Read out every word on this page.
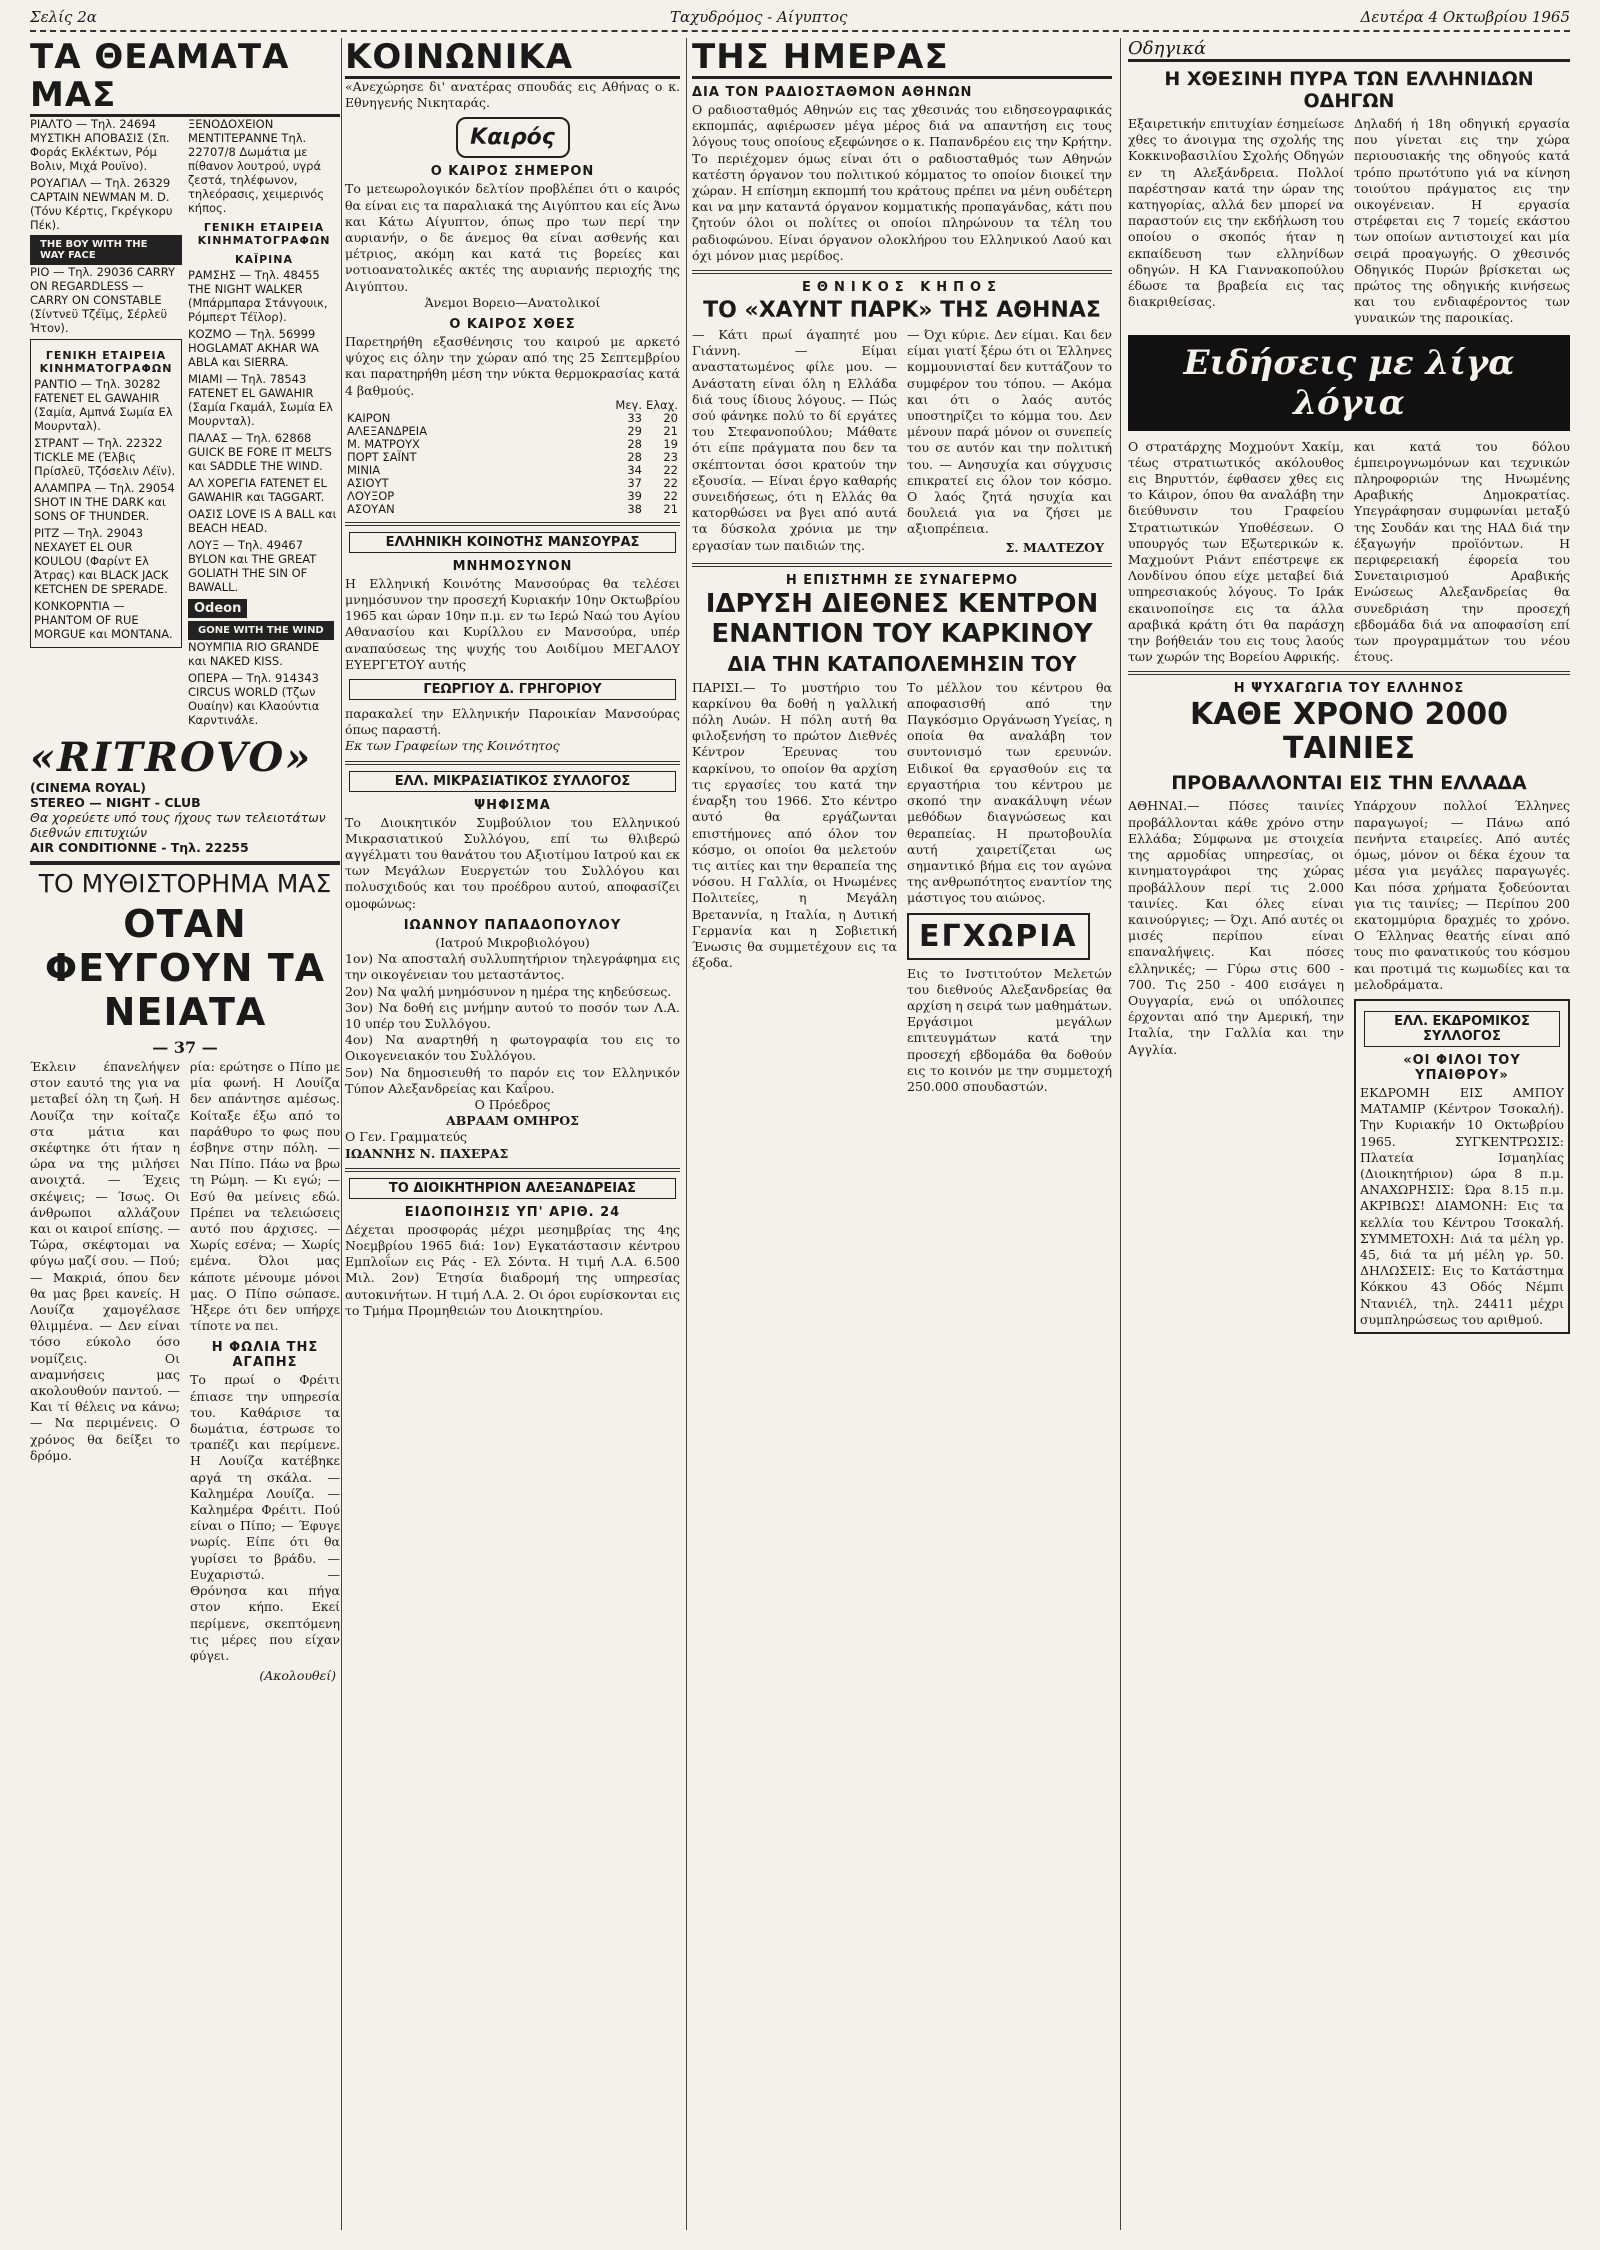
Σελίς 2α	Ταχυδρόμος - Αίγυπτος	Δευτέρα 4 Οκτωβρίου 1965
ΤΑ ΘΕΑΜΑΤΑ ΜΑΣ

ΡΙΑΛΤΟ — Τηλ. 24694 ΜΥΣΤΙΚΗ ΑΠΟΒΑΣΙΣ (Σπ. Φοράς Εκλέκτων, Ρόμ Βολιν, Μιχά Ρουϊνο).

ΡΟΥΑΓΙΑΛ — Τηλ. 26329 CAPTAIN NEWMAN M. D. (Τόνυ Κέρτις, Γκρέγκορυ Πέκ).

THE BOY WITH THE WAY FACE

ΡΙΟ — Τηλ. 29036 CARRY ON REGARDLESS — CARRY ON CONSTABLE (Σίντνεϋ Τζέϊμς, Σέρλεϋ Ήτον).

ΓΕΝΙΚΗ ΕΤΑΙΡΕΙΑ ΚΙΝΗΜΑΤΟΓΡΑΦΩΝ

ΡΑΝΤΙΟ — Τηλ. 30282 FATENET EL GAWAHIR (Σαμία, Αμπνά Σωμία Ελ Μουρνταλ).

ΣΤΡΑΝΤ — Τηλ. 22322 TICKLE ME (Έλβις Πρίσλεϋ, Τζόσελιν Λέϊν).

ΑΛΑΜΠΡΑ — Τηλ. 29054 SHOT IN THE DARK και SONS OF THUNDER.

ΡΙΤΖ — Τηλ. 29043 NEXAYET EL OUR KOULOU (Φαρίντ Ελ Άτρας) και BLACK JACK KETCHEN DE SPERADE.

ΚΟΝΚΟΡΝΤΙΑ — PHANTOM OF RUE MORGUE και MONTANA.

ΞΕΝΟΔΟΧΕΙΟΝ ΜΕΝΤΙΤΕΡΑΝΝΕ Τηλ. 22707/8 Δωμάτια με πίθανον λουτρού, υγρά ζεστά, τηλέφωνον, τηλεόρασις, χειμερινός κήπος.

ΓΕΝΙΚΗ ΕΤΑΙΡΕΙΑ ΚΙΝΗΜΑΤΟΓΡΑΦΩΝ
ΚΑΪΡΙΝΑ

ΡΑΜΣΗΣ — Τηλ. 48455 THE NIGHT WALKER (Μπάρμπαρα Στάνγουικ, Ρόμπερτ Τέϊλορ).

ΚΟΖΜΟ — Τηλ. 56999 HOGLAMAT AKHAR WA ABLA και SIERRA.

ΜΙΑΜΙ — Τηλ. 78543 FATENET EL GAWAHIR (Σαμία Γκαμάλ, Σωμία Ελ Μουρνταλ).

ΠΑΛΑΣ — Τηλ. 62868 GUICK BE FORE IT MELTS και SADDLE THE WIND.

ΑΛ ΧΟΡΕΓΙΑ FATENET EL GAWAHIR και TAGGART.

ΟΑΣΙΣ LOVE IS A BALL και BEACH HEAD.

ΛΟΥΞ — Τηλ. 49467 BYLON και THE GREAT GOLIATH THE SIN OF BAWALL.

Odeon GONE WITH THE WIND

ΝΟΥΜΠΙΑ RIO GRANDE και NAKED KISS.

ΟΠΕΡΑ — Τηλ. 914343 CIRCUS WORLD (Τζων Ουαίην) και Κλαούντια Καρντινάλε.

«RITROVO»
(CINEMA ROYAL)
STEREO — NIGHT - CLUB
Θα χορεύετε υπό τους ήχους των τελειοτάτων διεθνών επιτυχιών
AIR CONDITIONNE - Τηλ. 22255
ΤΟ ΜΥΘΙΣΤΟΡΗΜΑ ΜΑΣ
ΟΤΑΝ ΦΕΥΓΟΥΝ ΤΑ ΝΕΙΑΤΑ
— 37 —

Έκλειν έπανελήψεν στον εαυτό της για να μεταβεί όλη τη ζωή. Η Λουίζα την κοίταζε στα μάτια και σκέφτηκε ότι ήταν η ώρα να της μιλήσει ανοιχτά. — Έχεις σκέψεις; — Ίσως. Οι άνθρωποι αλλάζουν και οι καιροί επίσης. — Τώρα, σκέφτομαι να φύγω μαζί σου. — Πού; — Μακριά, όπου δεν θα μας βρει κανείς. Η Λουίζα χαμογέλασε θλιμμένα. — Δεν είναι τόσο εύκολο όσο νομίζεις. Οι αναμνήσεις μας ακολουθούν παντού. — Και τί θέλεις να κάνω; — Να περιμένεις. Ο χρόνος θα δείξει το δρόμο.

ρία: ερώτησε ο Πίπο με μία φωνή. Η Λουίζα δεν απάντησε αμέσως. Κοίταξε έξω από το παράθυρο το φως που έσβηνε στην πόλη. — Ναι Πίπο. Πάω να βρω τη Ρώμη. — Κι εγώ; — Εσύ θα μείνεις εδώ. Πρέπει να τελειώσεις αυτό που άρχισες. — Χωρίς εσένα; — Χωρίς εμένα. Όλοι μας κάποτε μένουμε μόνοι μας. Ο Πίπο σώπασε. Ήξερε ότι δεν υπήρχε τίποτε να πει.

Η ΦΩΛΙΑ ΤΗΣ ΑΓΑΠΗΣ

Το πρωί ο Φρέιτι έπιασε την υπηρεσία του. Καθάρισε τα δωμάτια, έστρωσε το τραπέζι και περίμενε. Η Λουίζα κατέβηκε αργά τη σκάλα. — Καλημέρα Λουίζα. — Καλημέρα Φρέιτι. Πού είναι ο Πίπο; — Έφυγε νωρίς. Είπε ότι θα γυρίσει το βράδυ. — Ευχαριστώ. — Θρόνησα και πήγα στον κήπο. Εκεί περίμενε, σκεπτόμενη τις μέρες που είχαν φύγει.

(Ακολουθεί)
ΚΟΙΝΩΝΙΚΑ

«Ανεχώρησε δι' ανατέρας σπουδάς εις Αθήνας ο κ. Εθνηγενής Νικηταράς.

Καιρός
Ο ΚΑΙΡΟΣ ΣΗΜΕΡΟΝ

Το μετεωρολογικόν δελτίον προβλέπει ότι ο καιρός θα είναι εις τα παραλιακά της Αιγύπτου και είς Άνω και Κάτω Αίγυπτον, όπως προ των περί την αυριανήν, ο δε άνεμος θα είναι ασθενής και μέτριος, ακόμη και κατά τις βορείες και νοτιοανατολικές ακτές της αυριανής περιοχής της Αιγύπτου.

Άνεμοι Βορειο—Ανατολικοί

Ο ΚΑΙΡΟΣ ΧΘΕΣ

Παρετηρήθη εξασθένησις του καιρού με αρκετό ψύχος εις όλην την χώραν από της 25 Σεπτεμβρίου και παρατηρήθη μέση την νύκτα θερμοκρασίας κατά 4 βαθμούς.

	Μεγ.	Ελαχ.
ΚΑΙΡΟΝ	33	20
ΑΛΕΞΑΝΔΡΕΙΑ	29	21
Μ. ΜΑΤΡΟΥΧ	28	19
ΠΟΡΤ ΣΑΪΝΤ	28	23
ΜΙΝΙΑ	34	22
ΑΣΙΟΥΤ	37	22
ΛΟΥΞΟΡ	39	22
ΑΣΟΥΑΝ	38	21
ΕΛΛΗΝΙΚΗ ΚΟΙΝΟΤΗΣ ΜΑΝΣΟΥΡΑΣ
ΜΝΗΜΟΣΥΝΟΝ

Η Ελληνική Κοινότης Μανσούρας θα τελέσει μνημόσυνον την προσεχή Κυριακήν 10ην Οκτωβρίου 1965 και ώραν 10ην π.μ. εν τω Ιερώ Ναώ του Αγίου Αθανασίου και Κυρίλλου εν Μανσούρα, υπέρ αναπαύσεως της ψυχής του Αοιδίμου ΜΕΓΑΛΟΥ ΕΥΕΡΓΕΤΟΥ αυτής

ΓΕΩΡΓΙΟΥ Δ. ΓΡΗΓΟΡΙΟΥ

παρακαλεί την Ελληνικήν Παροικίαν Μανσούρας όπως παραστή.

Εκ των Γραφείων της Κοινότητος

ΕΛΛ. ΜΙΚΡΑΣΙΑΤΙΚΟΣ ΣΥΛΛΟΓΟΣ
ΨΗΦΙΣΜΑ

Το Διοικητικόν Συμβούλιον του Ελληνικού Μικρασιατικού Συλλόγου, επί τω θλιβερώ αγγέλματι του θανάτου του Αξιοτίμου Ιατρού και εκ των Μεγάλων Ευεργετών του Συλλόγου και πολυσχιδούς και του προέδρου αυτού, αποφασίζει ομοφώνως:

ΙΩΑΝΝΟΥ ΠΑΠΑΔΟΠΟΥΛΟΥ

(Ιατρού Μικροβιολόγου)

1ον) Να αποσταλή συλλυπητήριον τηλεγράφημα εις την οικογένειαν του μεταστάντος.

2ον) Να ψαλή μνημόσυνον η ημέρα της κηδεύσεως.

3ον) Να δοθή εις μνήμην αυτού το ποσόν των Λ.Α. 10 υπέρ του Συλλόγου.

4ον) Να αναρτηθή η φωτογραφία του εις το Οικογενειακόν του Συλλόγου.

5ον) Να δημοσιευθή το παρόν εις τον Ελληνικόν Τύπον Αλεξανδρείας και Καΐρου.

Ο Πρόεδρος

ΑΒΡΑΑΜ ΟΜΗΡΟΣ

Ο Γεν. Γραμματεύς

ΙΩΑΝΝΗΣ Ν. ΠΑΧΕΡΑΣ

ΤΟ ΔΙΟΙΚΗΤΗΡΙΟΝ ΑΛΕΞΑΝΔΡΕΙΑΣ
ΕΙΔΟΠΟΙΗΣΙΣ ΥΠ' ΑΡΙΘ. 24

Δέχεται προσφοράς μέχρι μεσημβρίας της 4ης Νοεμβρίου 1965 διά: 1ον) Εγκατάστασιν κέντρου Εμπλοΐων εις Ράς - Ελ Σόντα. Η τιμή Λ.Α. 6.500 Μιλ. 2ον) Έτησία διαδρομή της υπηρεσίας αυτοκινήτων. Η τιμή Λ.Α. 2. Οι όροι ευρίσκονται εις το Τμήμα Προμηθειών του Διοικητηρίου.

ΤΗΣ ΗΜΕΡΑΣ
ΔΙΑ ΤΟΝ ΡΑΔΙΟΣΤΑΘΜΟΝ ΑΘΗΝΩΝ

Ο ραδιοσταθμός Αθηνών εις τας χθεσινάς του ειδησεογραφικάς εκπομπάς, αφιέρωσεν μέγα μέρος διά να απαντήση εις τους λόγους τους οποίους εξεφώνησε ο κ. Παπανδρέου εις την Κρήτην. Το περιέχομεν όμως είναι ότι ο ραδιοσταθμός των Αθηνών κατέστη όργανον του πολιτικού κόμματος το οποίον διοικεί την χώραν. Η επίσημη εκπομπή του κράτους πρέπει να μένη ουδέτερη και να μην καταντά όργανον κομματικής προπαγάνδας, κάτι που ζητούν όλοι οι πολίτες οι οποίοι πληρώνουν τα τέλη του ραδιοφώνου. Είναι όργανον ολοκλήρου του Ελληνικού Λαού και όχι μόνον μιας μερίδος.

ΕΘΝΙΚΟΣ ΚΗΠΟΣ
ΤΟ «ΧΑΥΝΤ ΠΑΡΚ» ΤΗΣ ΑΘΗΝΑΣ

— Κάτι πρωί άγαπητέ μου Γιάννη. — Είμαι αναστατωμένος φίλε μου. — Ανάστατη είναι όλη η Ελλάδα διά τους ίδιους λόγους. — Πώς σού φάνηκε πολύ το δί εργάτες του Στεφανοπούλου; Μάθατε ότι είπε πράγματα που δεν τα σκέπτονται όσοι κρατούν την εξουσία. — Είναι έργο καθαρής συνειδήσεως, ότι η Ελλάς θα κατορθώσει να βγει από αυτά τα δύσκολα χρόνια με την εργασίαν των παιδιών της.

— Όχι κύριε. Δεν είμαι. Και δεν είμαι γιατί ξέρω ότι οι Έλληνες κομμουνισταί δεν κυττάζουν το συμφέρον του τόπου. — Ακόμα και ότι ο λαός αυτός υποστηρίζει το κόμμα του. Δεν μένουν παρά μόνον οι συνεπείς του σε αυτόν και την πολιτική του. — Ανησυχία και σύγχυσις επικρατεί εις όλον τον κόσμο. Ο λαός ζητά ησυχία και δουλειά για να ζήσει με αξιοπρέπεια.

Σ. ΜΑΛΤΕΖΟΥ
Η ΕΠΙΣΤΗΜΗ ΣΕ ΣΥΝΑΓΕΡΜΟ
ΙΔΡΥΣΗ ΔΙΕΘΝΕΣ ΚΕΝΤΡΟΝ
ΕΝΑΝΤΙΟΝ ΤΟΥ ΚΑΡΚΙΝΟΥ
ΔΙΑ ΤΗΝ ΚΑΤΑΠΟΛΕΜΗΣΙΝ ΤΟΥ

ΠΑΡΙΣΙ.— Το μυστήριο του καρκίνου θα δοθή η γαλλική πόλη Λυών. Η πόλη αυτή θα φιλοξενήση το πρώτον Διεθνές Κέντρον Έρευνας του καρκίνου, το οποίον θα αρχίση τις εργασίες του κατά την έναρξη του 1966. Στο κέντρο αυτό θα εργάζωνται επιστήμονες από όλον τον κόσμο, οι οποίοι θα μελετούν τις αιτίες και την θεραπεία της νόσου. Η Γαλλία, οι Ηνωμένες Πολιτείες, η Μεγάλη Βρεταννία, η Ιταλία, η Δυτική Γερμανία και η Σοβιετική Ένωσις θα συμμετέχουν εις τα έξοδα.

Το μέλλον του κέντρου θα αποφασισθή από την Παγκόσμιο Οργάνωση Υγείας, η οποία θα αναλάβη τον συντονισμό των ερευνών. Ειδικοί θα εργασθούν εις τα εργαστήρια του κέντρου με σκοπό την ανακάλυψη νέων μεθόδων διαγνώσεως και θεραπείας. Η πρωτοβουλία αυτή χαιρετίζεται ως σημαντικό βήμα εις τον αγώνα της ανθρωπότητος εναντίον της μάστιγος του αιώνος.

ΕΓΧΩΡΙΑ

Εις το Ινστιτούτον Μελετών του διεθνούς Αλεξανδρείας θα αρχίση η σειρά των μαθημάτων. Εργάσιμοι μεγάλων επιτευγμάτων κατά την προσεχή εβδομάδα θα δοθούν εις το κοινόν με την συμμετοχή 250.000 σπουδαστών.

Οδηγικά
Η ΧΘΕΣΙΝΗ ΠΥΡΑ ΤΩΝ ΕΛΛΗΝΙΔΩΝ ΟΔΗΓΩΝ

Εξαιρετικήν επιτυχίαν έσημείωσε χθες το άνοιγμα της σχολής της Κοκκινοβασιλίου Σχολής Οδηγών εν τη Αλεξάνδρεια. Πολλοί παρέστησαν κατά την ώραν της κατηγορίας, αλλά δεν μπορεί να παραστούν εις την εκδήλωση του οποίου ο σκοπός ήταν η εκπαίδευση των ελληνίδων οδηγών. Η ΚΑ Γιαννακοπούλου έδωσε τα βραβεία εις τας διακριθείσας.

Δηλαδή ή 18η οδηγική εργασία που γίνεται εις την χώρα περιουσιακής της οδηγούς κατά τρόπο πρωτότυπο γιά να κίνηση τοιούτου πράγματος εις την οικογένειαν. Η εργασία στρέφεται εις 7 τομείς εκάστου των οποίων αντιστοιχεί και μία σειρά προαγωγής. Ο χθεσινός Οδηγικός Πυρών βρίσκεται ως πρώτος της οδηγικής κινήσεως και του ενδιαφέροντος των γυναικών της παροικίας.

Ειδήσεις με λίγα λόγια

Ο στρατάρχης Μοχμούντ Χακίμ, τέως στρατιωτικός ακόλουθος εις Βηρυττόν, έφθασεν χθες εις το Κάιρον, όπου θα αναλάβη την διεύθυνσιν του Γραφείου Στρατιωτικών Υποθέσεων. Ο υπουργός των Εξωτερικών κ. Μαχμούντ Ριάντ επέστρεψε εκ Λονδίνου όπου είχε μεταβεί διά υπηρεσιακούς λόγους. Το Ιράκ εκαινοποίησε εις τα άλλα αραβικά κράτη ότι θα παράσχη την βοήθειάν του εις τους λαούς των χωρών της Βορείου Αφρικής.

και κατά του δόλου έμπειρογνωμόνων και τεχνικών πληροφοριών της Ηνωμένης Αραβικής Δημοκρατίας. Υπεγράφησαν συμφωνίαι μεταξύ της Σουδάν και της ΗΑΔ διά την έξαγωγήν προϊόντων. Η περιφερειακή έφορεία του Συνεταιρισμού Αραβικής Ενώσεως Αλεξανδρείας θα συνεδριάση την προσεχή εβδομάδα διά να αποφασίση επί των προγραμμάτων του νέου έτους.

Η ΨΥΧΑΓΩΓΙΑ ΤΟΥ ΕΛΛΗΝΟΣ
ΚΑΘΕ ΧΡΟΝΟ 2000 ΤΑΙΝΙΕΣ
ΠΡΟΒΑΛΛΟΝΤΑΙ ΕΙΣ ΤΗΝ ΕΛΛΑΔΑ

ΑΘΗΝΑΙ.— Πόσες ταινίες προβάλλονται κάθε χρόνο στην Ελλάδα; Σύμφωνα με στοιχεία της αρμοδίας υπηρεσίας, οι κινηματογράφοι της χώρας προβάλλουν περί τις 2.000 ταινίες. Και όλες είναι καινούργιες; — Όχι. Από αυτές οι μισές περίπου είναι επαναλήψεις. Και πόσες ελληνικές; — Γύρω στις 600 - 700. Τις 250 - 400 εισάγει η Ουγγαρία, ενώ οι υπόλοιπες έρχονται από την Αμερική, την Ιταλία, την Γαλλία και την Αγγλία.

Υπάρχουν πολλοί Έλληνες παραγωγοί; — Πάνω από πενήντα εταιρείες. Από αυτές όμως, μόνον οι δέκα έχουν τα μέσα για μεγάλες παραγωγές. Και πόσα χρήματα ξοδεύονται για τις ταινίες; — Περίπου 200 εκατομμύρια δραχμές το χρόνο. Ο Έλληνας θεατής είναι από τους πιο φανατικούς του κόσμου και προτιμά τις κωμωδίες και τα μελοδράματα.

ΕΛΛ. ΕΚΔΡΟΜΙΚΟΣ ΣΥΛΛΟΓΟΣ
«ΟΙ ΦΙΛΟΙ ΤΟΥ ΥΠΑΙΘΡΟΥ»

ΕΚΔΡΟΜΗ ΕΙΣ ΑΜΠΟΥ ΜΑΤΑΜΙΡ (Κέντρον Τσοκαλή). Την Κυριακήν 10 Οκτωβρίου 1965. ΣΥΓΚΕΝΤΡΩΣΙΣ: Πλατεία Ισμαηλίας (Διοικητήριον) ώρα 8 π.μ. ΑΝΑΧΩΡΗΣΙΣ: Ώρα 8.15 π.μ. ΑΚΡΙΒΩΣ! ΔΙΑΜΟΝΗ: Εις τα κελλία του Κέντρου Τσοκαλή. ΣΥΜΜΕΤΟΧΗ: Διά τα μέλη γρ. 45, διά τα μή μέλη γρ. 50. ΔΗΛΩΣΕΙΣ: Εις το Κατάστημα Κόκκου 43 Οδός Νέμπι Ντανιέλ, τηλ. 24411 μέχρι συμπληρώσεως του αριθμού.
